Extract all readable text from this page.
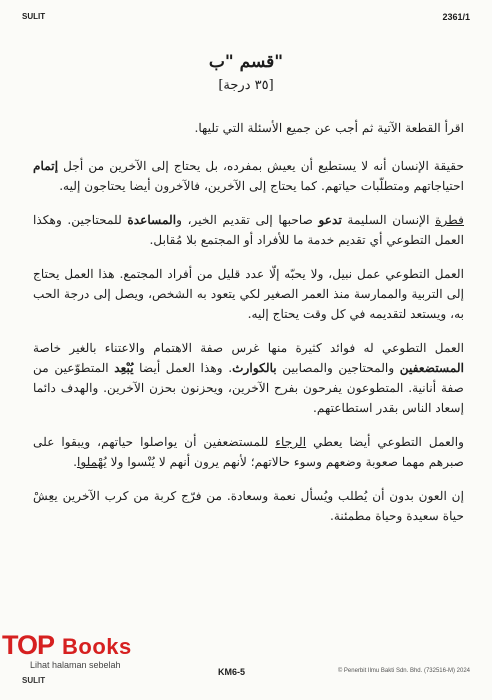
SULIT	2361/1
قسم "ب"
[٣٥ درجة]

اقرأ القطعة الآتية ثم أجب عن جميع الأسئلة التي تليها.

حقيقة الإنسان أنه لا يستطيع أن يعيش بمفرده، بل يحتاج إلى الآخرين من أجل إتمام احتياجاتهم ومتطلّبات حياتهم. كما يحتاج إلى الآخرين، فالآخرون أيضا يحتاجون إليه.

فطرة الإنسان السليمة تدعو صاحبها إلى تقديم الخير، والمساعدة للمحتاجين. وهكذا العمل التطوعي أي تقديم خدمة ما للأفراد أو المجتمع بلا مُقابل.

العمل التطوعي عمل نبيل، ولا يحبّه إلّا عدد قليل من أفراد المجتمع. هذا العمل يحتاج إلى التربية والممارسة منذ العمر الصغير لكي يتعود به الشخص، ويصل إلى درجة الحب به، ويستعد لتقديمه في كل وقت يحتاج إليه.

العمل التطوعي له فوائد كثيرة منها غرس صفة الاهتمام والاعتناء بالغير خاصة المستضعفين والمحتاجين والمصابين بالكوارث. وهذا العمل أيضا يُبْعِد المتطوّعين من صفة أنانية. المتطوعون يفرحون بفرح الآخرين، ويحزنون بحزن الآخرين. والهدف دائما إسعاد الناس بقدر استطاعتهم.

والعمل التطوعي أيضا يعطي الرجاء للمستضعفين أن يواصلوا حياتهم، ويبقوا على صبرهم مهما صعوبة وضعهم وسوء حالاتهم؛ لأنهم يرون أنهم لا يُنْسوا ولا يُهْملوا.

إن العون بدون أن يُطلب ويُسأل نعمة وسعادة. من فرّج كربة من كرب الآخرين يعِشْ حياة سعيدة وحياة مطمئنة.

TOP Books
Lihat halaman sebelah
SULIT
KM6-5	© Penerbit Ilmu Bakti Sdn. Bhd. (732516-M) 2024
